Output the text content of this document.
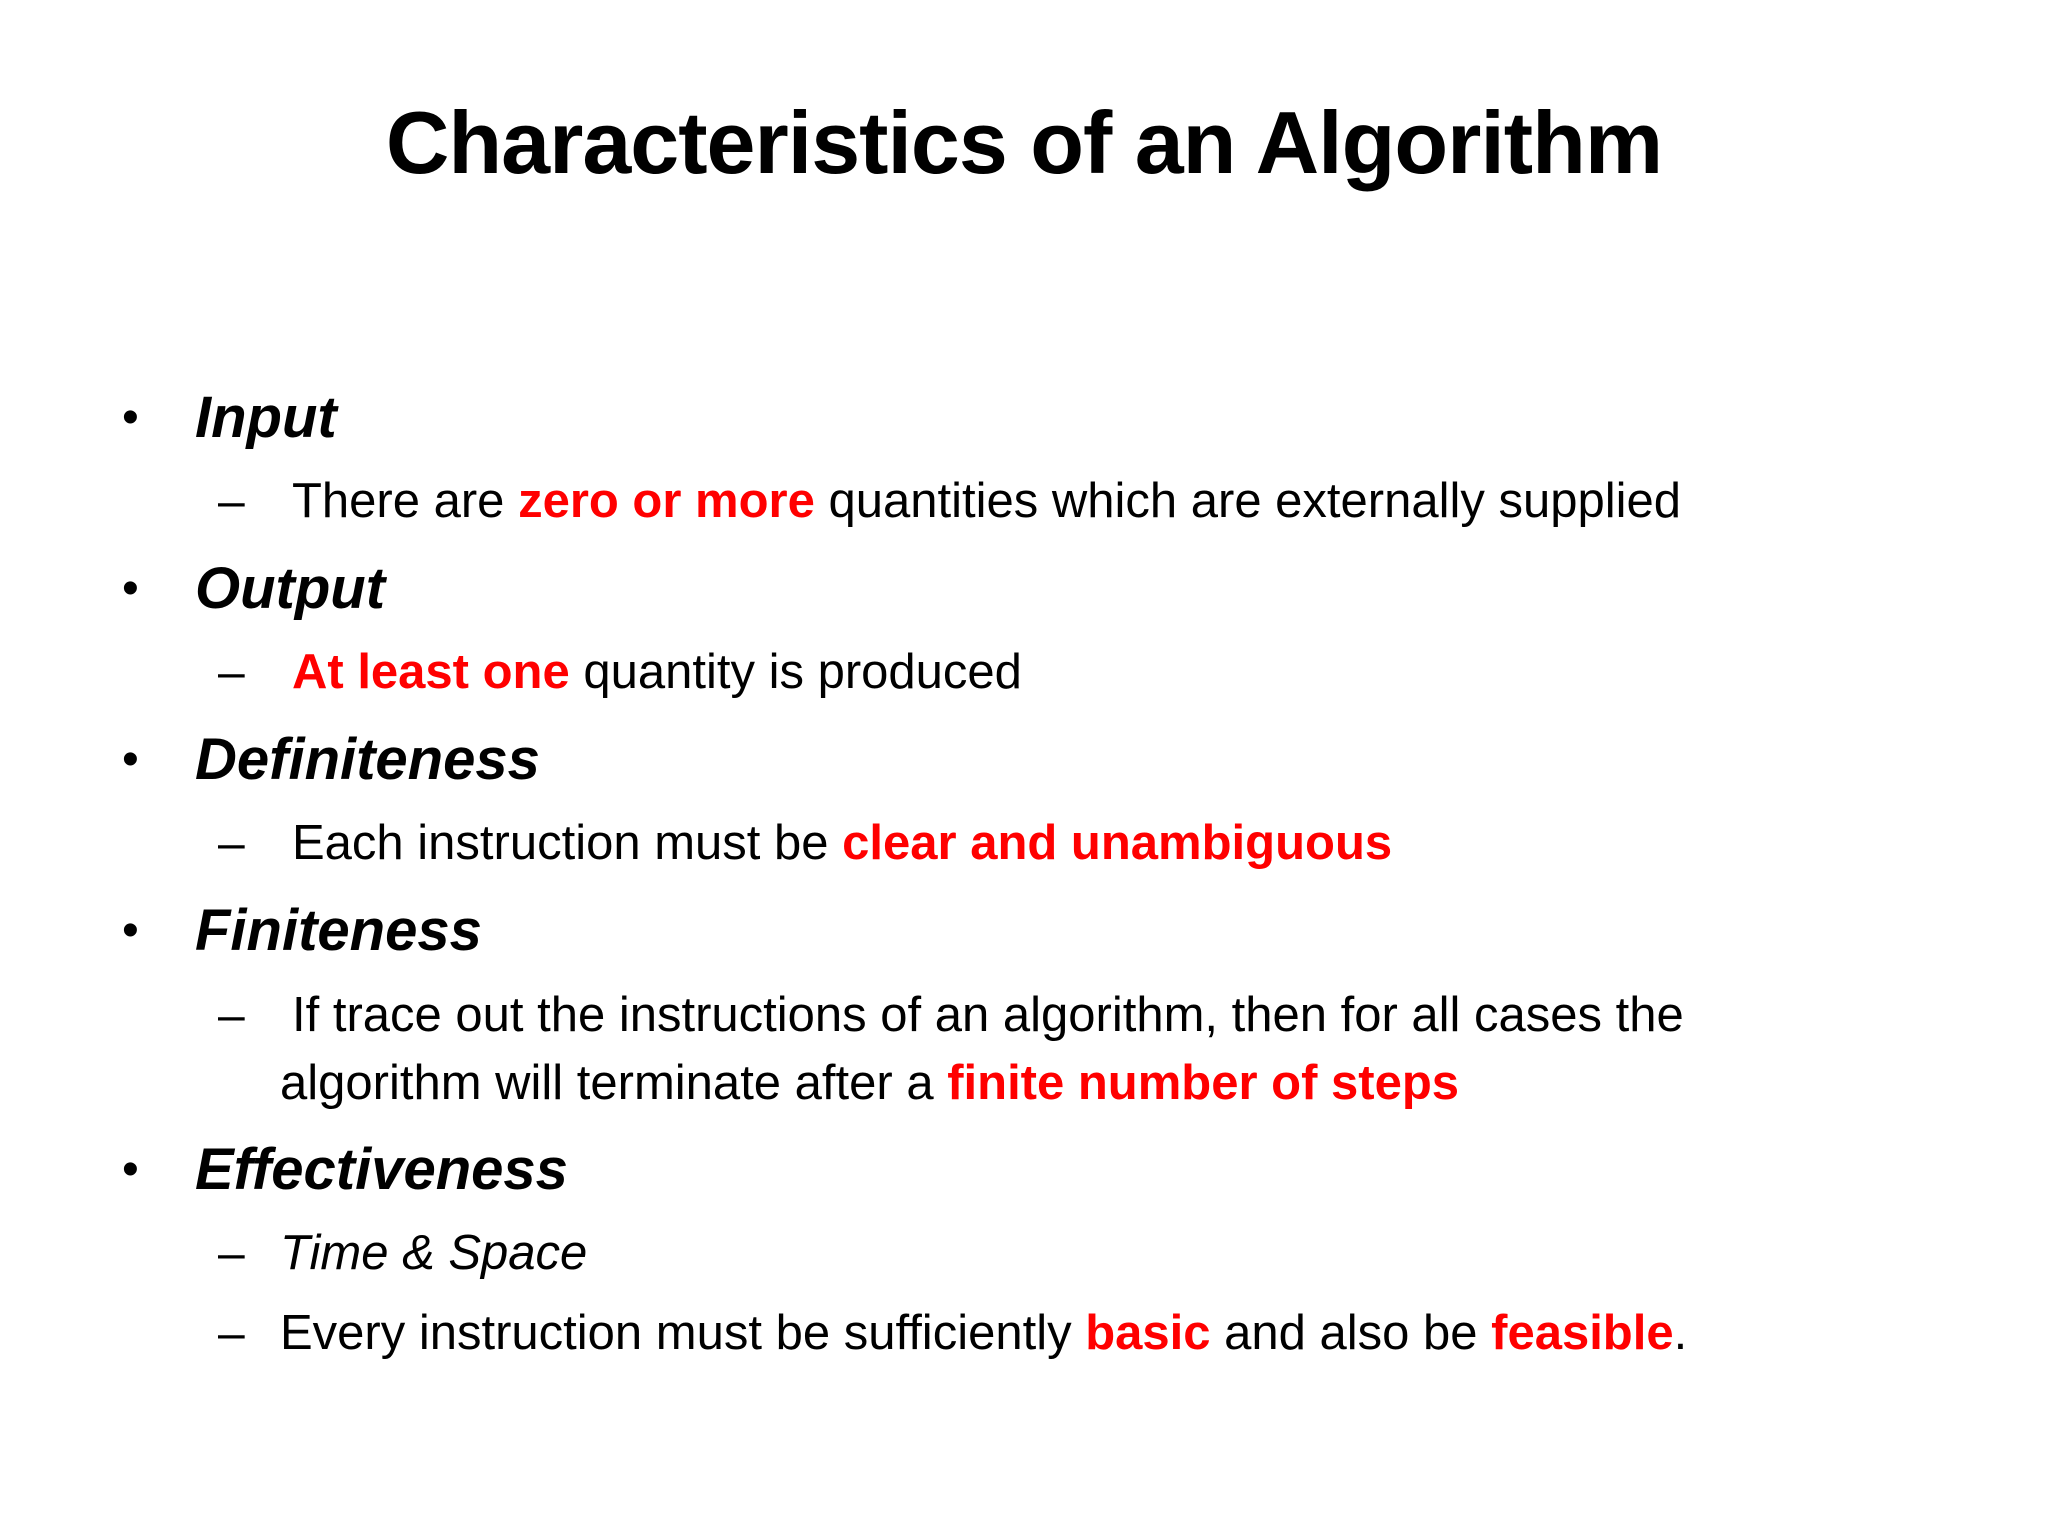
Characteristics of an Algorithm
• Input
– There are zero or more quantities which are externally supplied
• Output
– At least one quantity is produced
• Definiteness
– Each instruction must be clear and unambiguous
• Finiteness
– If trace out the instructions of an algorithm, then for all cases the
algorithm will terminate after a finite number of steps
• Effectiveness
– Time & Space
– Every instruction must be sufficiently basic and also be feasible.
